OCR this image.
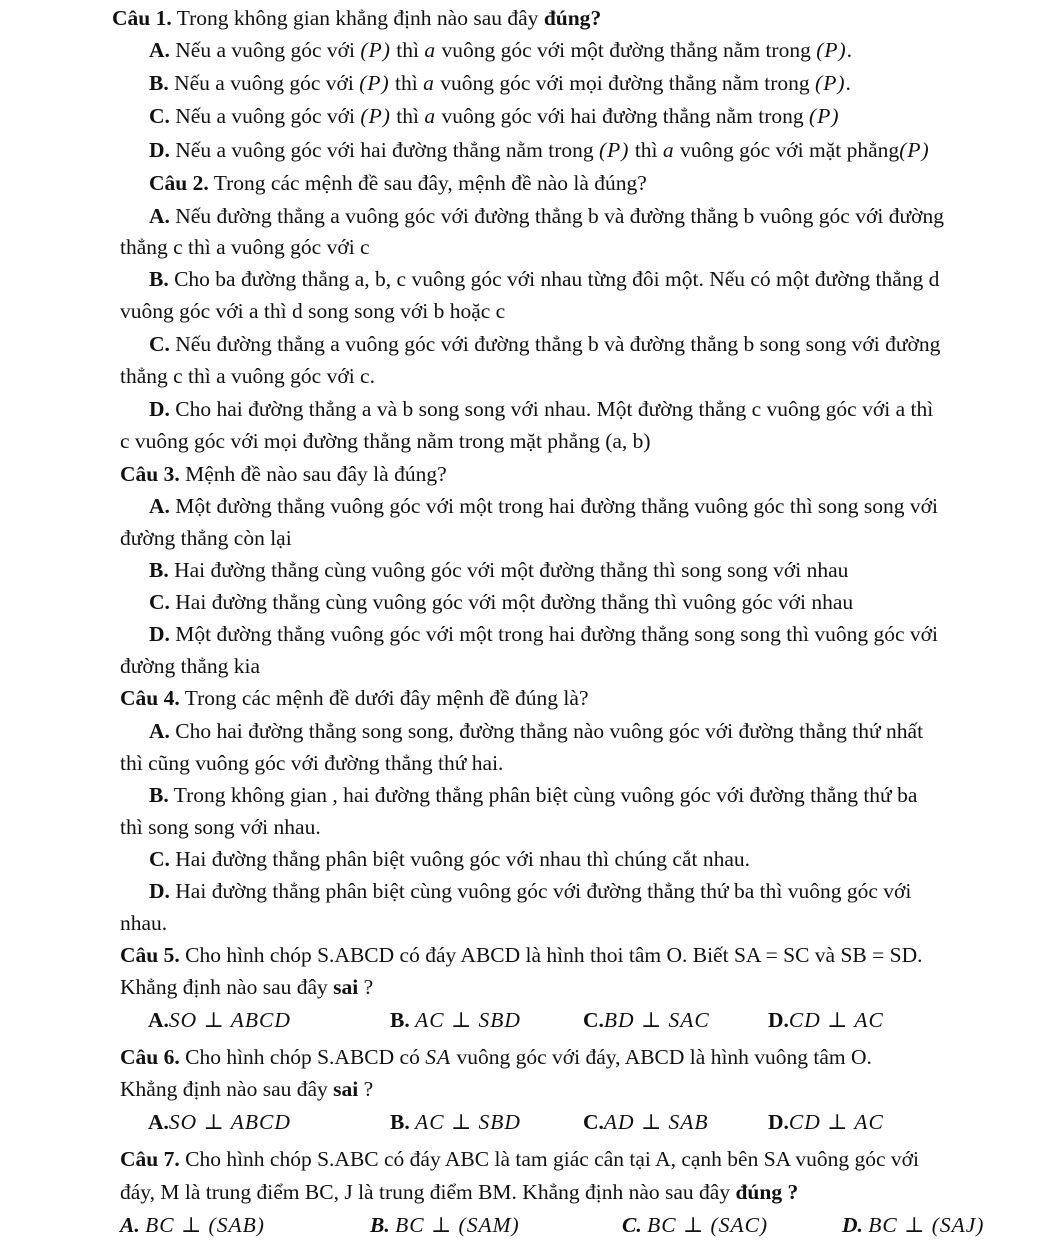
Câu 1. Trong không gian khẳng định nào sau đây đúng?
A. Nếu a vuông góc với (P) thì a vuông góc với một đường thẳng nằm trong (P).
B. Nếu a vuông góc với (P) thì a vuông góc với mọi đường thẳng nằm trong (P).
C. Nếu a vuông góc với (P) thì a vuông góc với hai đường thẳng nằm trong (P)
D. Nếu a vuông góc với hai đường thẳng nằm trong (P) thì a vuông góc với mặt phẳng(P)
Câu 2. Trong các mệnh đề sau đây, mệnh đề nào là đúng?
A. Nếu đường thẳng a vuông góc với đường thẳng b và đường thẳng b vuông góc với đường
thẳng c thì a vuông góc với c
B. Cho ba đường thẳng a, b, c vuông góc với nhau từng đôi một. Nếu có một đường thẳng d
vuông góc với a thì d song song với b hoặc c
C. Nếu đường thẳng a vuông góc với đường thẳng b và đường thẳng b song song với đường
thẳng c thì a vuông góc với c.
D. Cho hai đường thẳng a và b song song với nhau. Một đường thẳng c vuông góc với a thì
c vuông góc với mọi đường thẳng nằm trong mặt phẳng (a, b)
Câu 3. Mệnh đề nào sau đây là đúng?
A. Một đường thẳng vuông góc với một trong hai đường thẳng vuông góc thì song song với
đường thẳng còn lại
B. Hai đường thẳng cùng vuông góc với một đường thẳng thì song song với nhau
C. Hai đường thẳng cùng vuông góc với một đường thẳng thì vuông góc với nhau
D. Một đường thẳng vuông góc với một trong hai đường thẳng song song thì vuông góc với
đường thẳng kia
Câu 4. Trong các mệnh đề dưới đây mệnh đề đúng là?
A. Cho hai đường thẳng song song, đường thẳng nào vuông góc với đường thẳng thứ nhất
thì cũng vuông góc với đường thẳng thứ hai.
B. Trong không gian , hai đường thẳng phân biệt cùng vuông góc với đường thẳng thứ ba
thì song song với nhau.
C. Hai đường thẳng phân biệt vuông góc với nhau thì chúng cắt nhau.
D. Hai đường thẳng phân biệt cùng vuông góc với đường thẳng thứ ba thì vuông góc với
nhau.
Câu 5. Cho hình chóp S.ABCD có đáy ABCD là hình thoi tâm O. Biết SA = SC và SB = SD.
Khẳng định nào sau đây sai ?
A.SO ⊥ ABCD	B. AC ⊥ SBD	C.BD ⊥ SAC	D.CD ⊥ AC
Câu 6. Cho hình chóp S.ABCD có SA vuông góc với đáy, ABCD là hình vuông tâm O.
Khẳng định nào sau đây sai ?
A.SO ⊥ ABCD	B. AC ⊥ SBD	C.AD ⊥ SAB	D.CD ⊥ AC
Câu 7. Cho hình chóp S.ABC có đáy ABC là tam giác cân tại A, cạnh bên SA vuông góc với
đáy, M là trung điểm BC, J là trung điểm BM. Khẳng định nào sau đây đúng ?
A. BC ⊥ (SAB)	B. BC ⊥ (SAM)	C. BC ⊥ (SAC)	D. BC ⊥ (SAJ)
